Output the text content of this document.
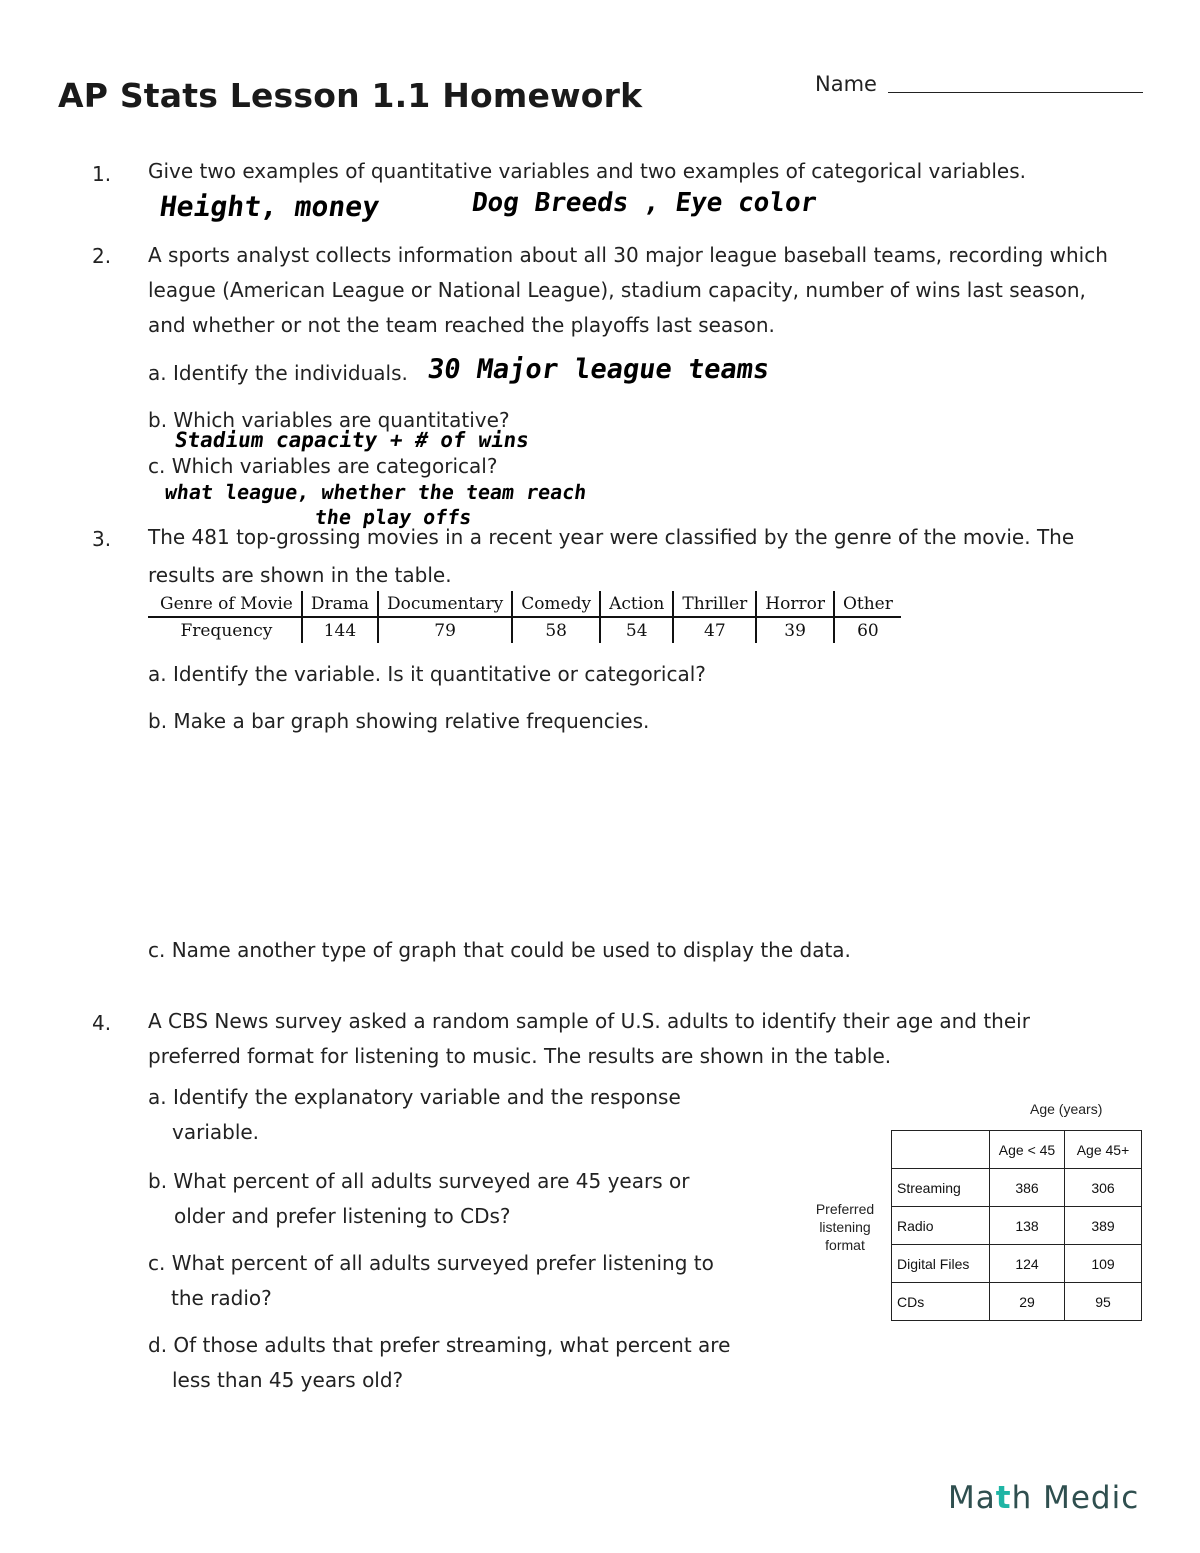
AP Stats Lesson 1.1 Homework	Name
1. Give two examples of quantitative variables and two examples of categorical variables.
Height, money	Dog Breeds , Eye color
2. A sports analyst collects information about all 30 major league baseball teams, recording which league (American League or National League), stadium capacity, number of wins last season, and whether or not the team reached the playoffs last season.
a. Identify the individuals. 30 Major league teams
b. Which variables are quantitative?
Stadium capacity + # of wins
c. Which variables are categorical?
what league, whether the team reach
the play offs
3. The 481 top-grossing movies in a recent year were classified by the genre of the movie. The
results are shown in the table.
Genre of Movie	Drama	Documentary	Comedy	Action	Thriller	Horror	Other
Frequency	144	79	58	54	47	39	60
a. Identify the variable. Is it quantitative or categorical?
b. Make a bar graph showing relative frequencies.
c. Name another type of graph that could be used to display the data.
4. A CBS News survey asked a random sample of U.S. adults to identify their age and their
preferred format for listening to music. The results are shown in the table.
a. Identify the explanatory variable and the response
variable.
b. What percent of all adults surveyed are 45 years or
older and prefer listening to CDs?
c. What percent of all adults surveyed prefer listening to
the radio?
d. Of those adults that prefer streaming, what percent are
less than 45 years old?
Age (years)
Preferred
listening
format
	Age < 45	Age 45+
Streaming	386	306
Radio	138	389
Digital Files	124	109
CDs	29	95
Math Medic
